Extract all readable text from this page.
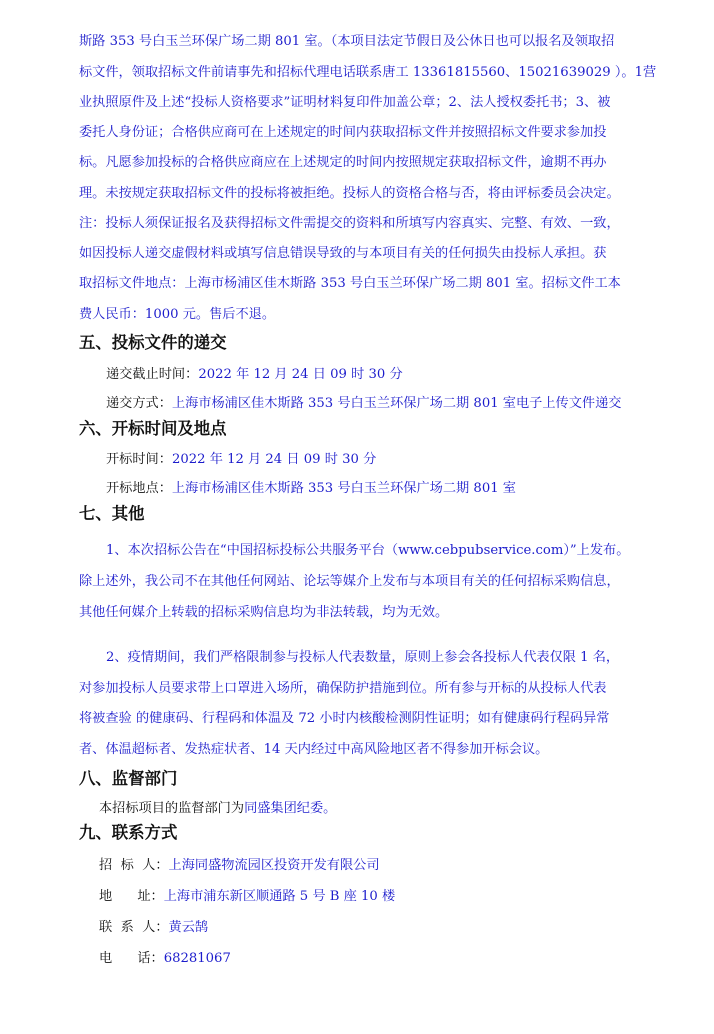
斯路 353 号白玉兰环保广场二期 801 室。（本项目法定节假日及公休日也可以报名及领取招
标文件，领取招标文件前请事先和招标代理电话联系唐工 13361815560、15021639029 ）。1营
业执照原件及上述“投标人资格要求”证明材料复印件加盖公章；2、法人授权委托书；3、被
委托人身份证；合格供应商可在上述规定的时间内获取招标文件并按照招标文件要求参加投
标。凡愿参加投标的合格供应商应在上述规定的时间内按照规定获取招标文件，逾期不再办
理。未按规定获取招标文件的投标将被拒绝。投标人的资格合格与否，将由评标委员会决定。
注：投标人须保证报名及获得招标文件需提交的资料和所填写内容真实、完整、有效、一致，
如因投标人递交虚假材料或填写信息错误导致的与本项目有关的任何损失由投标人承担。获
取招标文件地点：上海市杨浦区佳木斯路 353 号白玉兰环保广场二期 801 室。招标文件工本
费人民币：1000 元。售后不退。
五、投标文件的递交
递交截止时间：2022 年 12 月 24 日 09 时 30 分
递交方式：上海市杨浦区佳木斯路 353 号白玉兰环保广场二期 801 室电子上传文件递交
六、开标时间及地点
开标时间：2022 年 12 月 24 日 09 时 30 分
开标地点：上海市杨浦区佳木斯路 353 号白玉兰环保广场二期 801 室
七、其他
1、本次招标公告在“中国招标投标公共服务平台（www.cebpubservice.com）”上发布。
除上述外，我公司不在其他任何网站、论坛等媒介上发布与本项目有关的任何招标采购信息，
其他任何媒介上转载的招标采购信息均为非法转载，均为无效。
2、疫情期间，我们严格限制参与投标人代表数量，原则上参会各投标人代表仅限 1 名，
对参加投标人员要求带上口罩进入场所，确保防护措施到位。所有参与开标的从投标人代表
将被查验 的健康码、行程码和体温及 72 小时内核酸检测阴性证明；如有健康码行程码异常
者、体温超标者、发热症状者、14 天内经过中高风险地区者不得参加开标会议。
八、监督部门
本招标项目的监督部门为同盛集团纪委。
九、联系方式
招  标  人：上海同盛物流园区投资开发有限公司
地      址：上海市浦东新区顺通路 5 号 B 座 10 楼
联  系  人：黄云鹄
电      话：68281067
